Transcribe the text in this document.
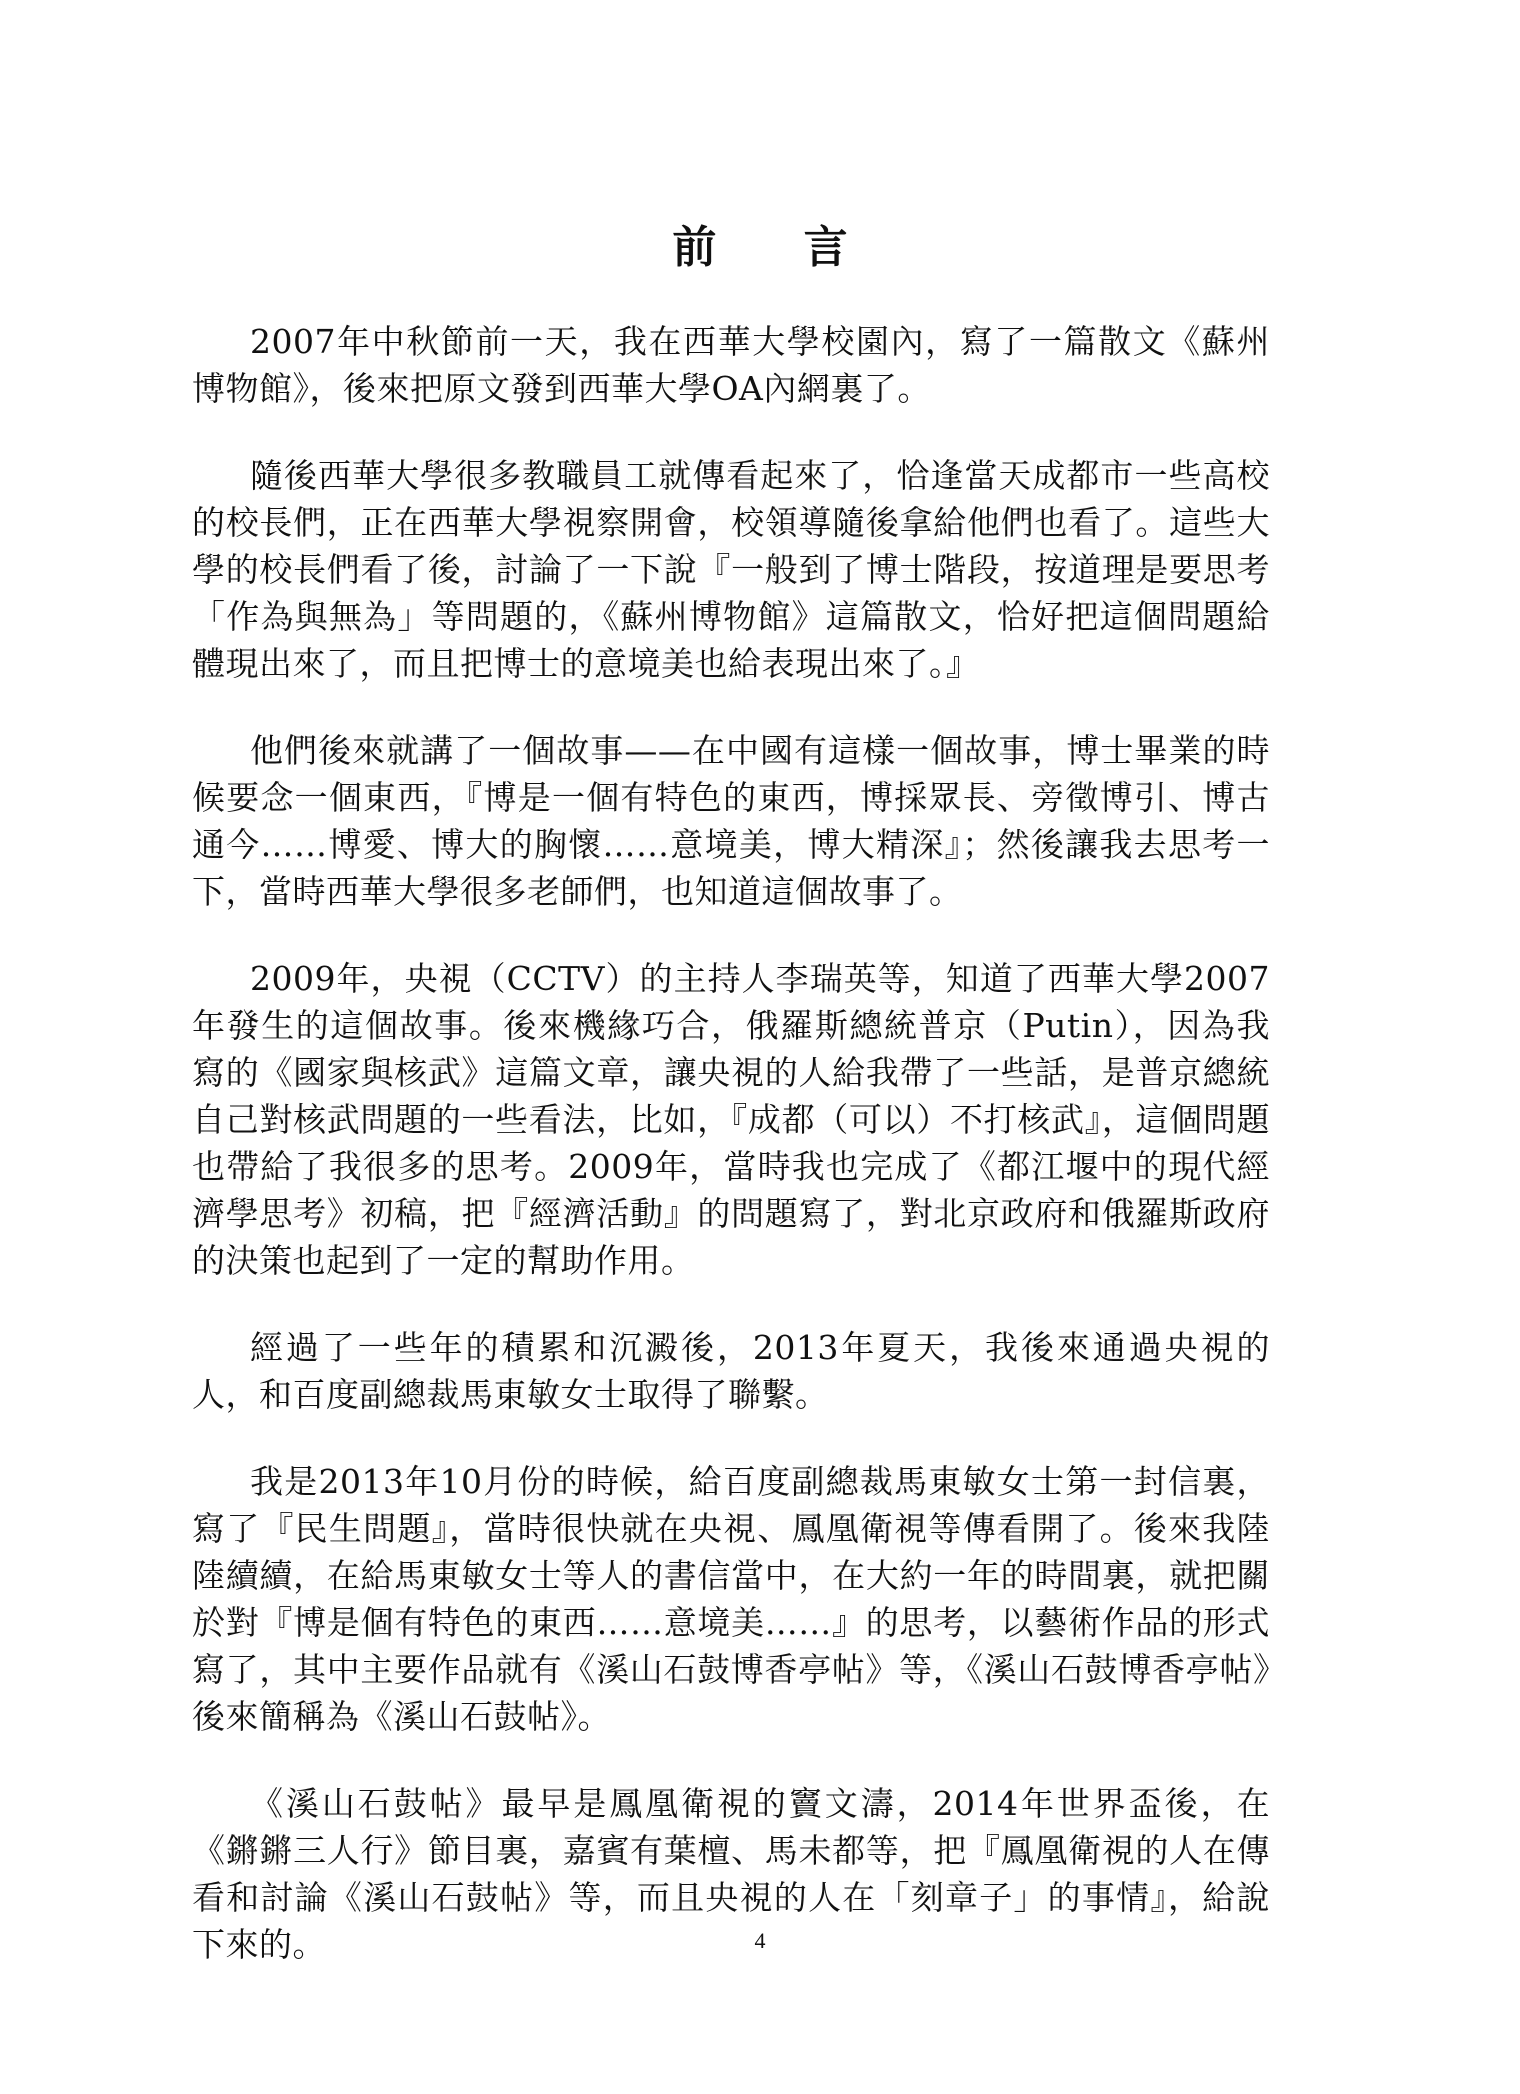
前 言

2007年中秋節前一天，我在西華大學校園內，寫了一篇散文《蘇州博物館》，後來把原文發到西華大學OA內網裏了。

隨後西華大學很多教職員工就傳看起來了，恰逢當天成都市一些高校的校長們，正在西華大學視察開會，校領導隨後拿給他們也看了。這些大學的校長們看了後，討論了一下說『一般到了博士階段，按道理是要思考「作為與無為」等問題的，《蘇州博物館》這篇散文，恰好把這個問題給體現出來了，而且把博士的意境美也給表現出來了。』

他們後來就講了一個故事——在中國有這樣一個故事，博士畢業的時候要念一個東西，『博是一個有特色的東西，博採眾長、旁徵博引、博古通今……博愛、博大的胸懷……意境美，博大精深』；然後讓我去思考一下，當時西華大學很多老師們，也知道這個故事了。

2009年，央視（CCTV）的主持人李瑞英等，知道了西華大學2007年發生的這個故事。後來機緣巧合，俄羅斯總統普京（Putin），因為我寫的《國家與核武》這篇文章，讓央視的人給我帶了一些話，是普京總統自己對核武問題的一些看法，比如，『成都（可以）不打核武』，這個問題也帶給了我很多的思考。2009年，當時我也完成了《都江堰中的現代經濟學思考》初稿，把『經濟活動』的問題寫了，對北京政府和俄羅斯政府的決策也起到了一定的幫助作用。

經過了一些年的積累和沉澱後，2013年夏天，我後來通過央視的人，和百度副總裁馬東敏女士取得了聯繫。

我是2013年10月份的時候，給百度副總裁馬東敏女士第一封信裏，寫了『民生問題』，當時很快就在央視、鳳凰衛視等傳看開了。後來我陸陸續續，在給馬東敏女士等人的書信當中，在大約一年的時間裏，就把關於對『博是個有特色的東西……意境美……』的思考，以藝術作品的形式寫了，其中主要作品就有《溪山石鼓博香亭帖》等，《溪山石鼓博香亭帖》後來簡稱為《溪山石鼓帖》。

《溪山石鼓帖》最早是鳳凰衛視的竇文濤，2014年世界盃後，在《鏘鏘三人行》節目裏，嘉賓有葉檀、馬未都等，把『鳳凰衛視的人在傳看和討論《溪山石鼓帖》等，而且央視的人在「刻章子」的事情』，給說下來的。	4
